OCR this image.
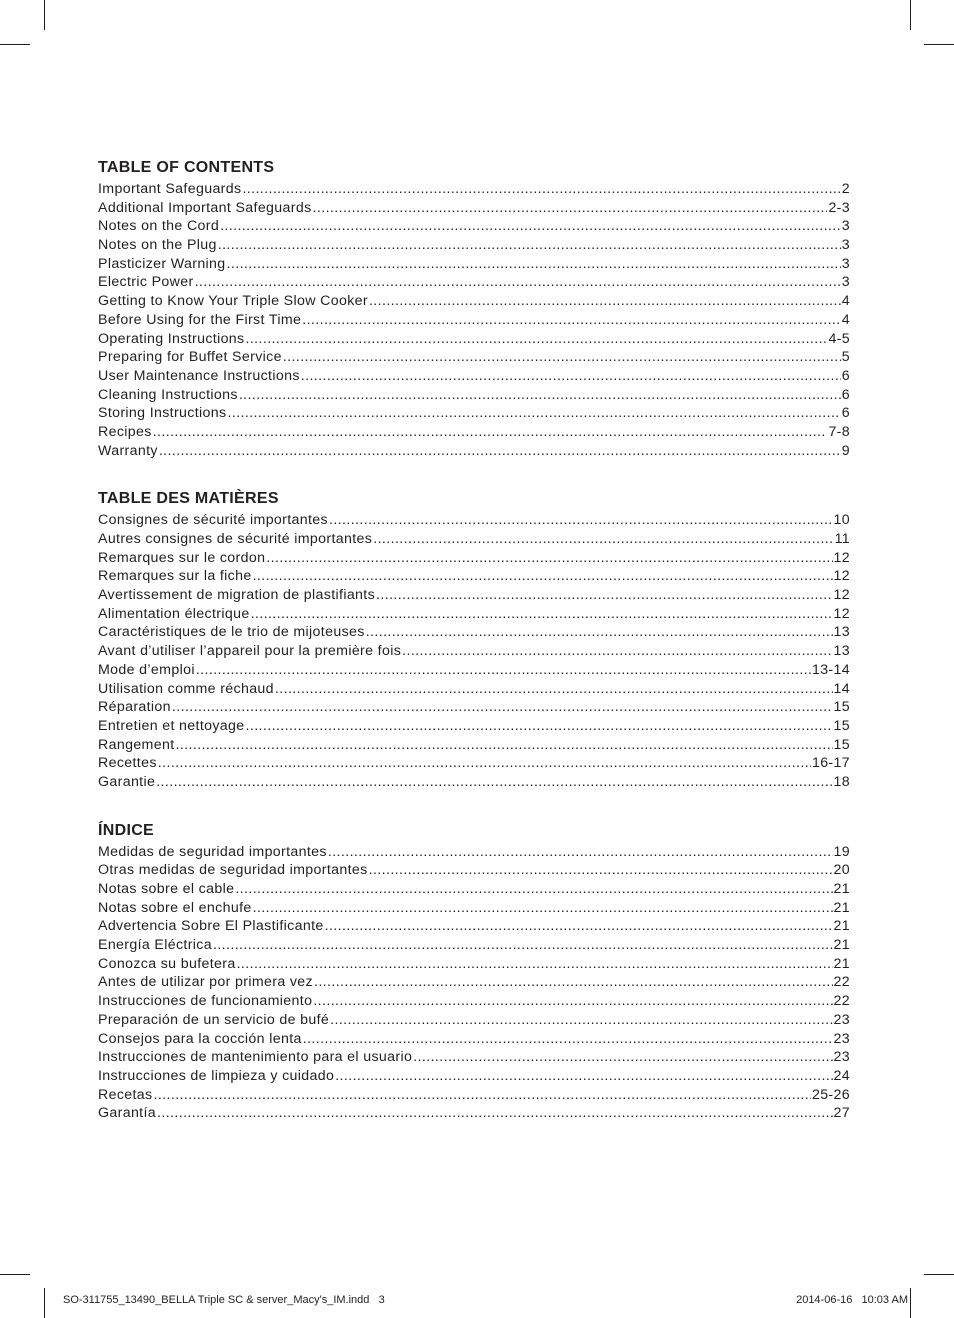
TABLE OF CONTENTS
Important Safeguards .....	2
Additional Important Safeguards .....	2-3
Notes on the Cord .....	3
Notes on the Plug .....	3
Plasticizer Warning .....	3
Electric Power .....	3
Getting to Know Your Triple Slow Cooker .....	4
Before Using for the First Time .....	4
Operating Instructions .....	4-5
Preparing for Buffet Service .....	5
User Maintenance Instructions .....	6
Cleaning Instructions .....	6
Storing Instructions .....	6
Recipes .....	7-8
Warranty .....	9
TABLE DES MATIÈRES
Consignes de sécurité importantes .....	10
Autres consignes de sécurité importantes .....	11
Remarques sur le cordon .....	12
Remarques sur la fiche .....	12
Avertissement de migration de plastifiants .....	12
Alimentation électrique .....	12
Caractéristiques de le trio de mijoteuses .....	13
Avant d’utiliser l’appareil pour la première fois .....	13
Mode d’emploi .....	13-14
Utilisation comme réchaud .....	14
Réparation .....	15
Entretien et nettoyage .....	15
Rangement .....	15
Recettes .....	16-17
Garantie .....	18
ÍNDICE
Medidas de seguridad importantes .....	19
Otras medidas de seguridad importantes .....	20
Notas sobre el cable .....	21
Notas sobre el enchufe .....	21
Advertencia Sobre El Plastificante .....	21
Energía Eléctrica .....	21
Conozca su bufetera .....	21
Antes de utilizar por primera vez .....	22
Instrucciones de funcionamiento .....	22
Preparación de un servicio de bufé .....	23
Consejos para la cocción lenta .....	23
Instrucciones de mantenimiento para el usuario .....	23
Instrucciones de limpieza y cuidado .....	24
Recetas .....	25-26
Garantía .....	27
SO-311755_13490_BELLA Triple SC & server_Macy's_IM.indd   3	2014-06-16   10:03 AM
